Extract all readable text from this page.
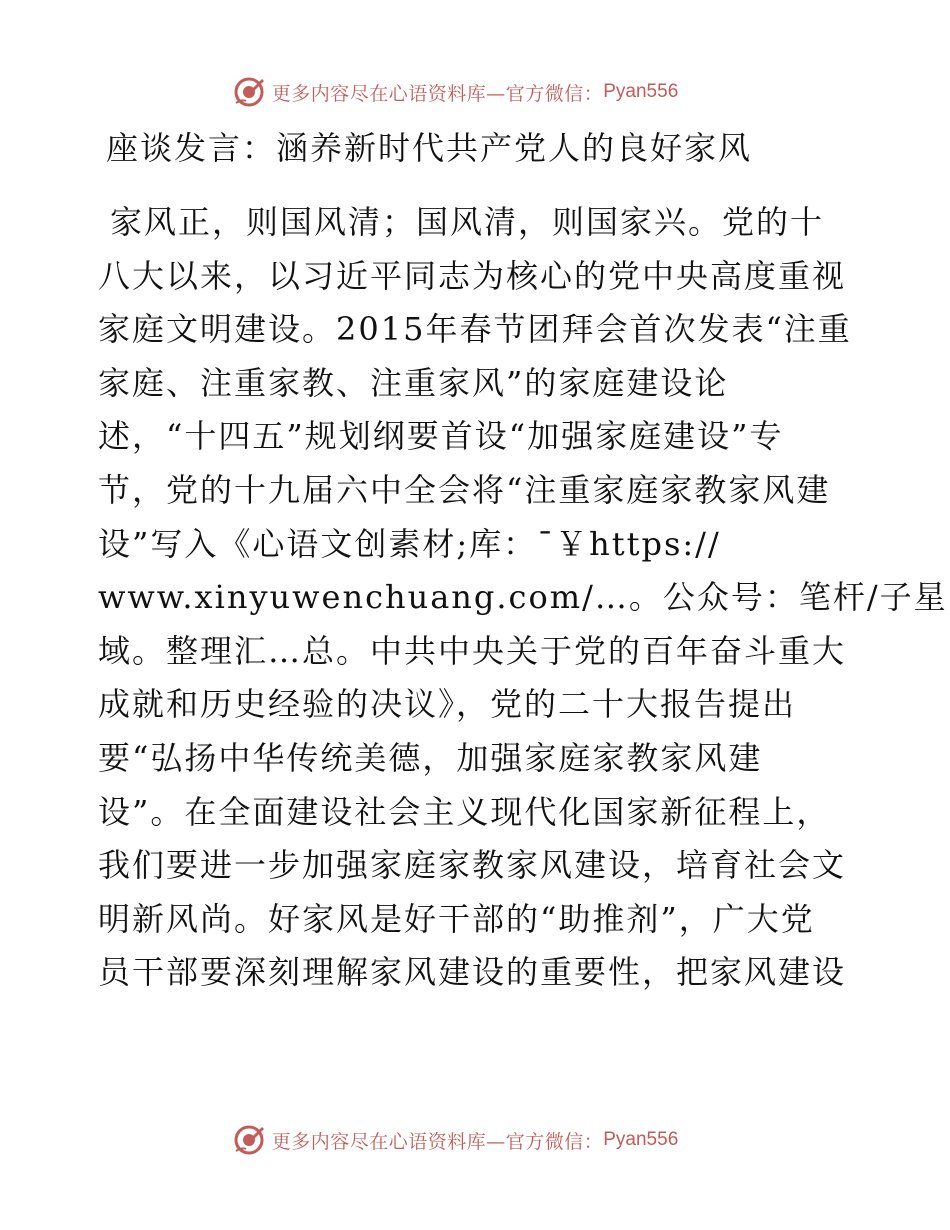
更多内容尽在心语资料库—官方微信： Pyan556
座谈发言：涵养新时代共产党人的良好家风
家风正，则国风清；国风清，则国家兴。党的十
八大以来，以习近平同志为核心的党中央高度重视
家庭文明建设。2015年春节团拜会首次发表“注重
家庭、注重家教、注重家风”的家庭建设论
述，“十四五”规划纲要首设“加强家庭建设”专
节，党的十九届六中全会将“注重家庭家教家风建
设”写入《心语文创素材;库：¯￥https://
www.xinyuwenchuang.com/…。公众号：笔杆/子星
域。整理汇…总。中共中央关于党的百年奋斗重大
成就和历史经验的决议》，党的二十大报告提出
要“弘扬中华传统美德，加强家庭家教家风建
设”。在全面建设社会主义现代化国家新征程上，
我们要进一步加强家庭家教家风建设，培育社会文
明新风尚。好家风是好干部的“助推剂”，广大党
员干部要深刻理解家风建设的重要性，把家风建设
更多内容尽在心语资料库—官方微信： Pyan556
